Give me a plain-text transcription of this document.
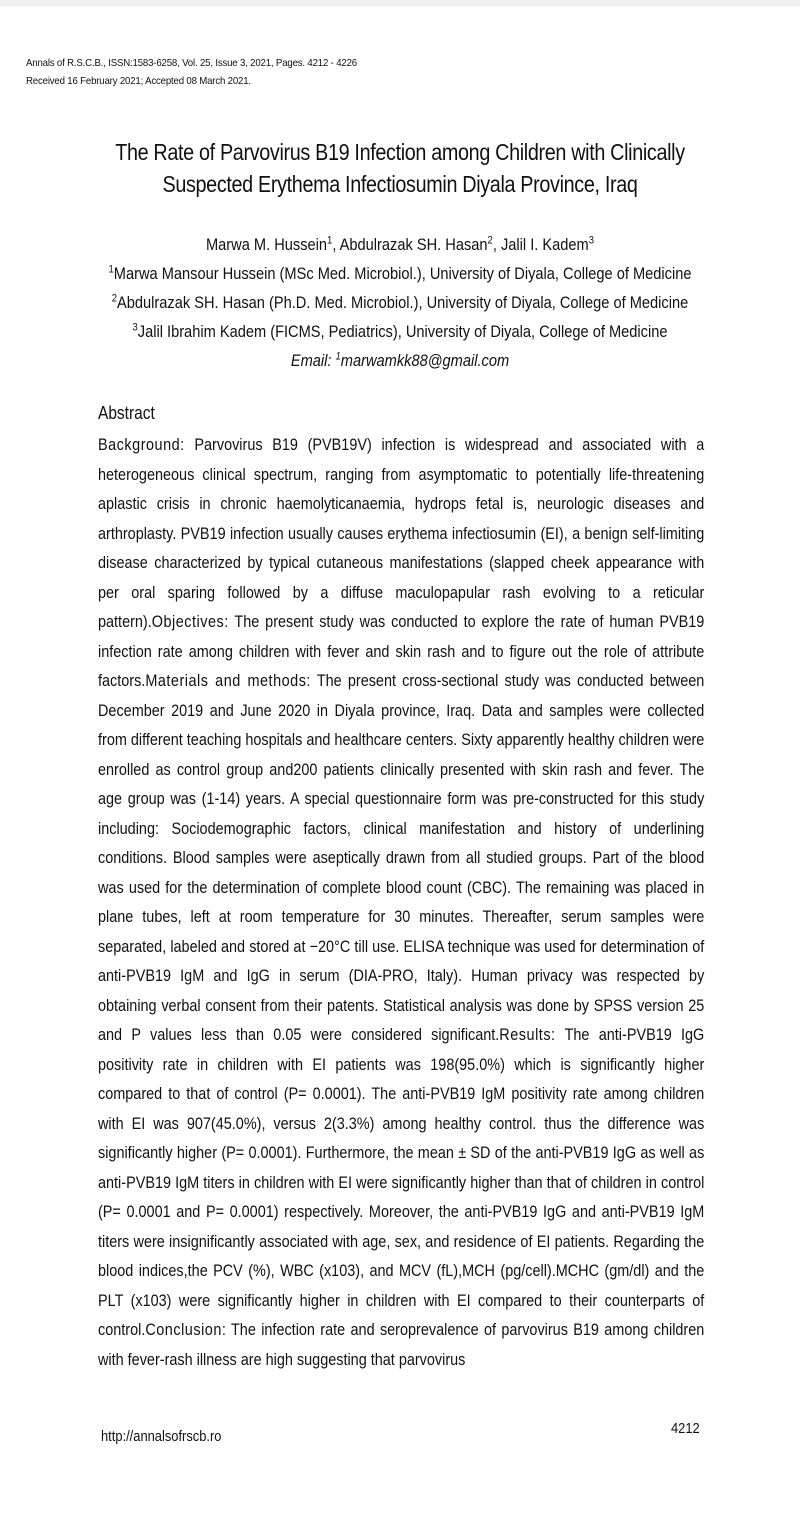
Annals of R.S.C.B., ISSN:1583-6258, Vol. 25, Issue 3, 2021, Pages. 4212 - 4226
Received 16 February 2021; Accepted 08 March 2021.
The Rate of Parvovirus B19 Infection among Children with Clinically
Suspected Erythema Infectiosumin Diyala Province, Iraq
Marwa M. Hussein$^1$, Abdulrazak SH. Hasan$^2$, Jalil I. Kadem$^3$
$^1$Marwa Mansour Hussein (MSc Med. Microbiol.), University of Diyala, College of Medicine
$^2$Abdulrazak SH. Hasan (Ph.D. Med. Microbiol.), University of Diyala, College of Medicine
$^3$Jalil Ibrahim Kadem (FICMS, Pediatrics), University of Diyala, College of Medicine
Email: $^1$marwamkk88@gmail.com
Abstract
Background: Parvovirus B19 (PVB19V) infection is widespread and associated with a heterogeneous clinical spectrum, ranging from asymptomatic to potentially life-threatening aplastic crisis in chronic haemolyticanaemia, hydrops fetal is, neurologic diseases and arthroplasty. PVB19 infection usually causes erythema infectiosumin (EI), a benign self-limiting disease characterized by typical cutaneous manifestations (slapped cheek appearance with per oral sparing followed by a diffuse maculopapular rash evolving to a reticular pattern).Objectives: The present study was conducted to explore the rate of human PVB19 infection rate among children with fever and skin rash and to figure out the role of attribute factors.Materials and methods: The present cross-sectional study was conducted between December 2019 and June 2020 in Diyala province, Iraq. Data and samples were collected from different teaching hospitals and healthcare centers. Sixty apparently healthy children were enrolled as control group and200 patients clinically presented with skin rash and fever. The age group was (1-14) years. A special questionnaire form was pre-constructed for this study including: Sociodemographic factors, clinical manifestation and history of underlining conditions. Blood samples were aseptically drawn from all studied groups. Part of the blood was used for the determination of complete blood count (CBC). The remaining was placed in plane tubes, left at room temperature for 30 minutes. Thereafter, serum samples were separated, labeled and stored at −20°C till use. ELISA technique was used for determination of anti-PVB19 IgM and IgG in serum (DIA-PRO, Italy). Human privacy was respected by obtaining verbal consent from their patents. Statistical analysis was done by SPSS version 25 and P values less than 0.05 were considered significant.Results: The anti-PVB19 IgG positivity rate in children with EI patients was 198(95.0%) which is significantly higher compared to that of control (P= 0.0001). The anti-PVB19 IgM positivity rate among children with EI was 907(45.0%), versus 2(3.3%) among healthy control. thus the difference was significantly higher (P= 0.0001). Furthermore, the mean ± SD of the anti-PVB19 IgG as well as anti-PVB19 IgM titers in children with EI were significantly higher than that of children in control (P= 0.0001 and P= 0.0001) respectively. Moreover, the anti-PVB19 IgG and anti-PVB19 IgM titers were insignificantly associated with age, sex, and residence of EI patients. Regarding the blood indices,the PCV (%), WBC (x103), and MCV (fL),MCH (pg/cell).MCHC (gm/dl) and the PLT (x103) were significantly higher in children with EI compared to their counterparts of control.Conclusion: The infection rate and seroprevalence of parvovirus B19 among children with fever-rash illness are high suggesting that parvovirus
http://annalsofrscb.ro	4212
